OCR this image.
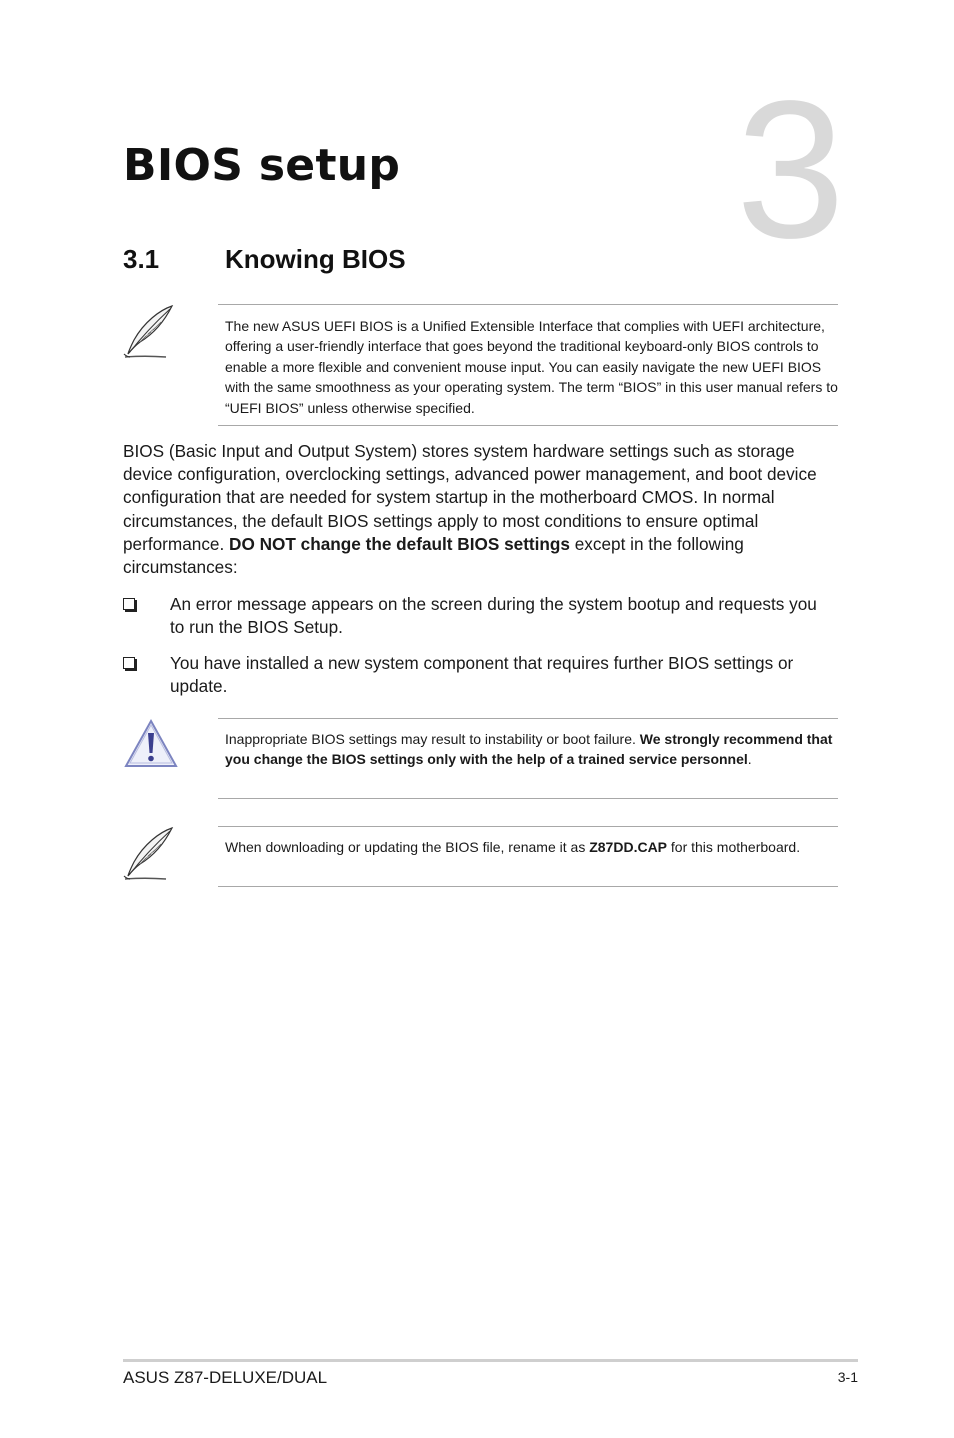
3
BIOS setup
3.1	Knowing BIOS

The new ASUS UEFI BIOS is a Unified Extensible Interface that complies with UEFI architecture, offering a user-friendly interface that goes beyond the traditional keyboard-only BIOS controls to enable a more flexible and convenient mouse input. You can easily navigate the new UEFI BIOS with the same smoothness as your operating system. The term “BIOS” in this user manual refers to “UEFI BIOS” unless otherwise specified.

BIOS (Basic Input and Output System) stores system hardware settings such as storage device configuration, overclocking settings, advanced power management, and boot device configuration that are needed for system startup in the motherboard CMOS. In normal circumstances, the default BIOS settings apply to most conditions to ensure optimal performance. DO NOT change the default BIOS settings except in the following circumstances:

An error message appears on the screen during the system bootup and requests you to run the BIOS Setup.
You have installed a new system component that requires further BIOS settings or update.

Inappropriate BIOS settings may result to instability or boot failure. We strongly recommend that you change the BIOS settings only with the help of a trained service personnel.

When downloading or updating the BIOS file, rename it as Z87DD.CAP for this motherboard.

ASUS Z87-DELUXE/DUAL	3-1
